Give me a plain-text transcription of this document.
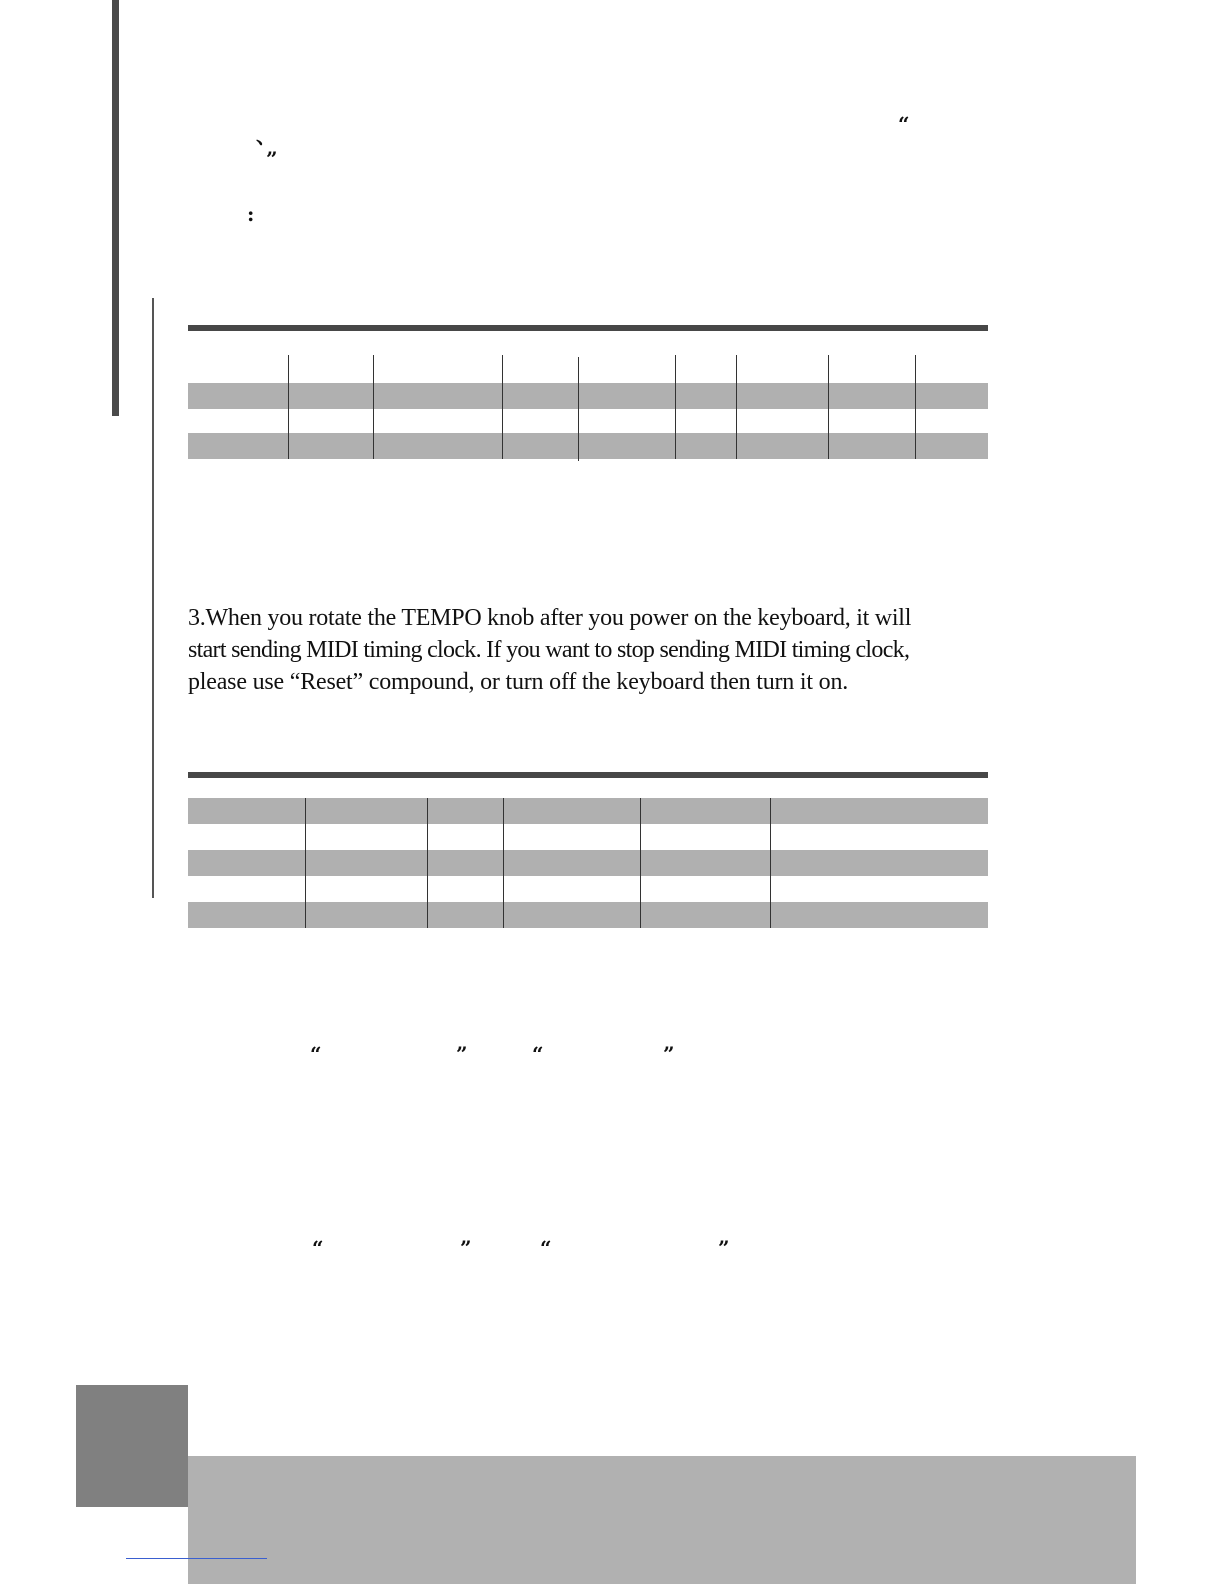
“
、
”
:

3.When you rotate the TEMPO knob after you power on the keyboard, it will
start sending MIDI timing clock. If you want to stop sending MIDI timing clock,
please use “Reset” compound, or turn off the keyboard then turn it on.

“	”	“	”
“	”	“	”
